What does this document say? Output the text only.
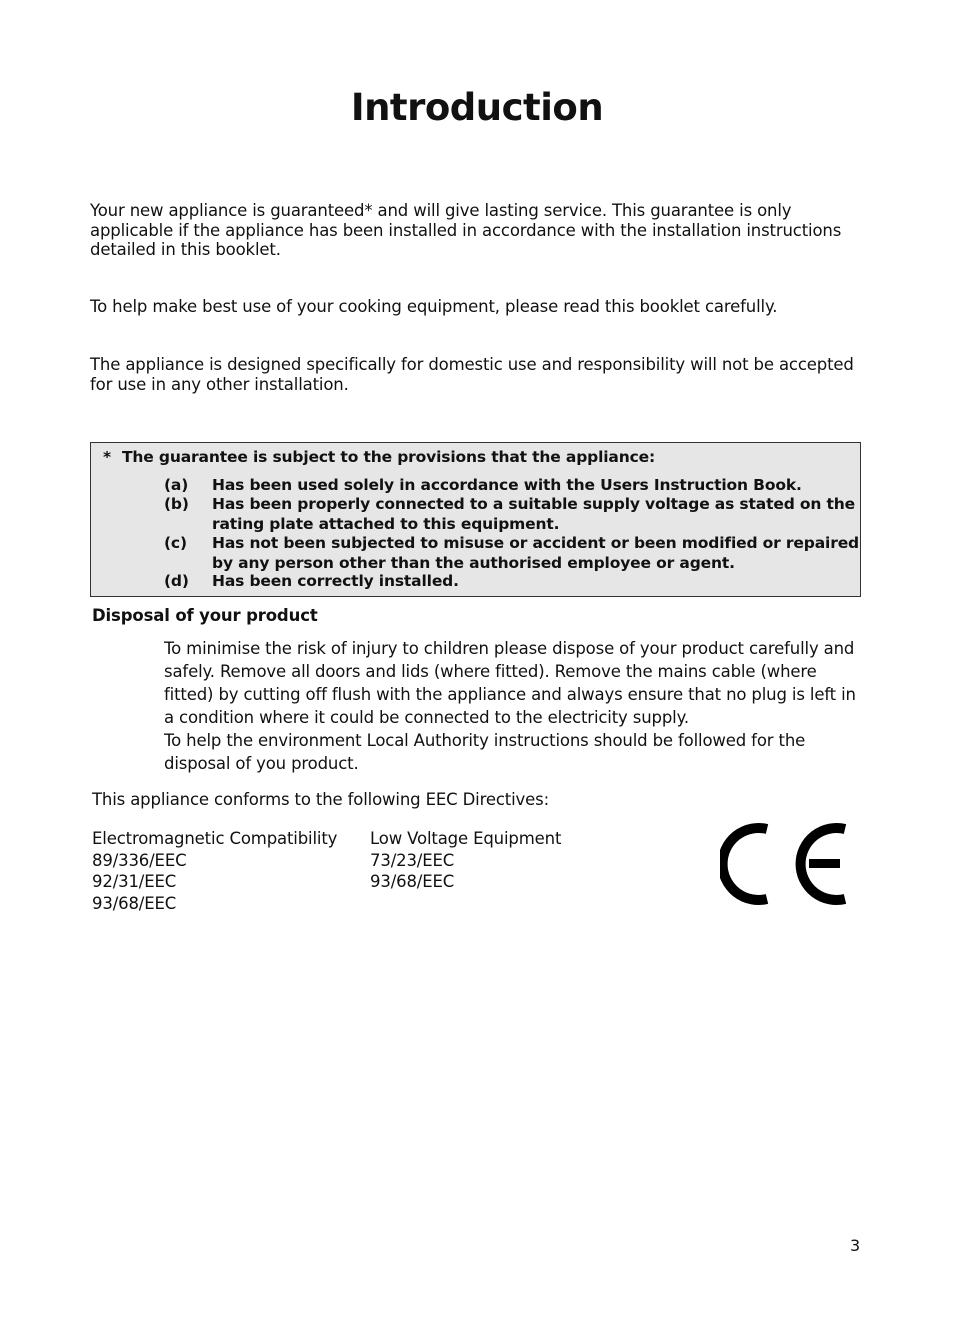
Introduction
Your new appliance is guaranteed* and will give lasting service. This guarantee is only applicable if the appliance has been installed in accordance with the installation instructions detailed in this booklet.
To help make best use of your cooking equipment, please read this booklet carefully.
The appliance is designed specifically for domestic use and responsibility will not be accepted for use in any other installation.
* The guarantee is subject to the provisions that the appliance:
(a) Has been used solely in accordance with the Users Instruction Book.
(b) Has been properly connected to a suitable supply voltage as stated on the rating plate attached to this equipment.
(c) Has not been subjected to misuse or accident or been modified or repaired by any person other than the authorised employee or agent.
(d) Has been correctly installed.
Disposal of your product

To minimise the risk of injury to children please dispose of your product carefully and safely. Remove all doors and lids (where fitted). Remove the mains cable (where fitted) by cutting off flush with the appliance and always ensure that no plug is left in a condition where it could be connected to the electricity supply.

To help the environment Local Authority instructions should be followed for the disposal of you product.

This appliance conforms to the following EEC Directives:
Electromagnetic Compatibility
89/336/EEC
92/31/EEC
93/68/EEC
Low Voltage Equipment
73/23/EEC
93/68/EEC
3
